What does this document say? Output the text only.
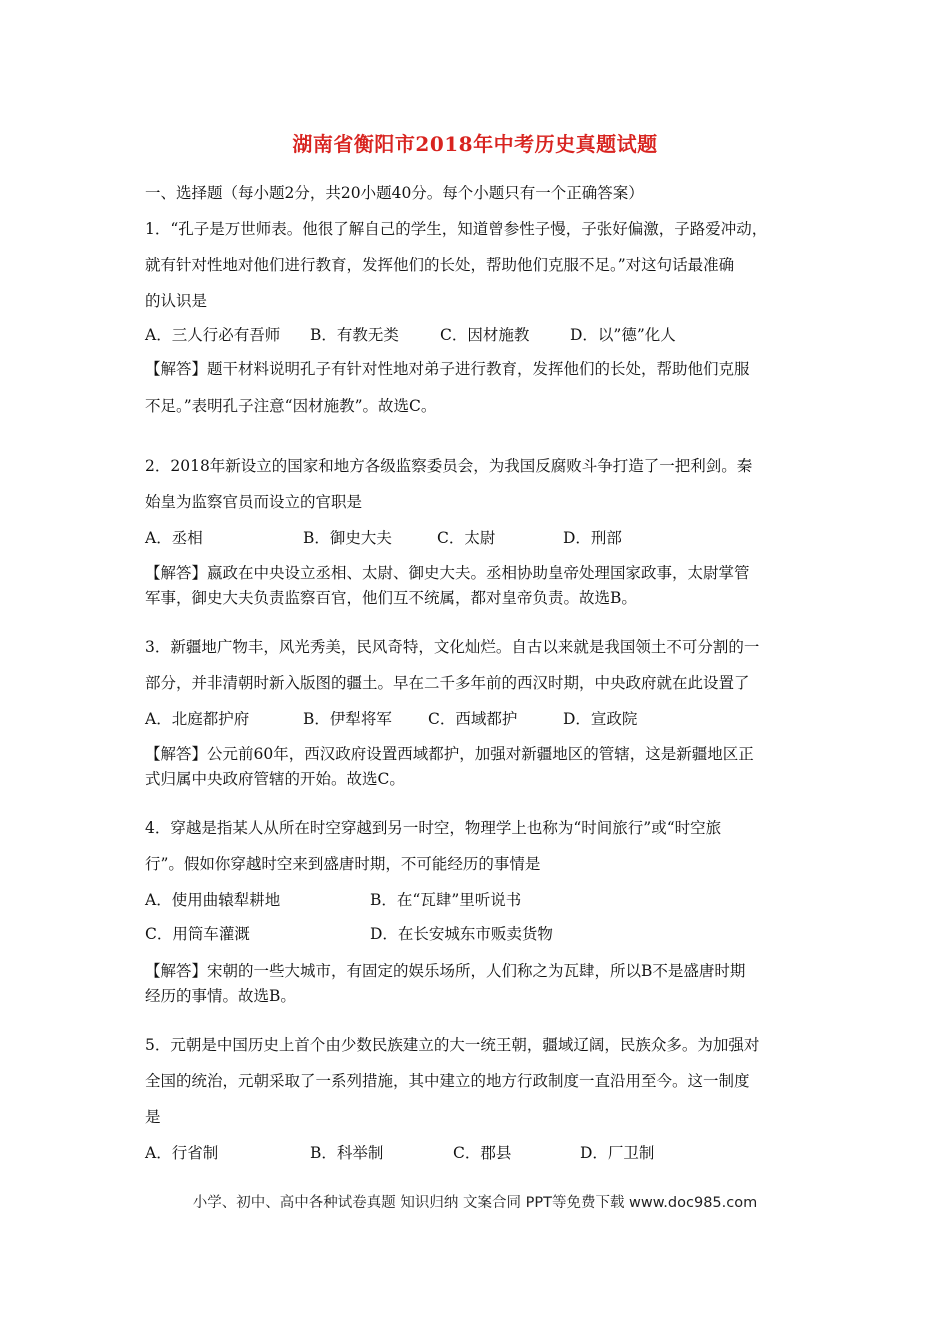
湖南省衡阳市2018年中考历史真题试题
一、选择题（每小题2分，共20小题40分。每个小题只有一个正确答案）
1．“孔子是万世师表。他很了解自己的学生，知道曾参性子慢，子张好偏激，子路爱冲动，
就有针对性地对他们进行教育，发挥他们的长处，帮助他们克服不足。”对这句话最准确
的认识是
A．三人行必有吾师 B．有教无类	C．因材施教	D．以”德”化人
【解答】题干材料说明孔子有针对性地对弟子进行教育，发挥他们的长处，帮助他们克服
不足。”表明孔子注意“因材施教”。故选C。
2．2018年新设立的国家和地方各级监察委员会，为我国反腐败斗争打造了一把利剑。秦
始皇为监察官员而设立的官职是
A．丞相	B．御史大夫	C．太尉	D．刑部
【解答】嬴政在中央设立丞相、太尉、御史大夫。丞相协助皇帝处理国家政事，太尉掌管
军事，御史大夫负责监察百官，他们互不统属，都对皇帝负责。故选B。
3．新疆地广物丰，风光秀美，民风奇特，文化灿烂。自古以来就是我国领土不可分割的一
部分，并非清朝时新入版图的疆土。早在二千多年前的西汉时期，中央政府就在此设置了
A．北庭都护府	B．伊犁将军 C．西域都护	D．宣政院
【解答】公元前60年，西汉政府设置西域都护，加强对新疆地区的管辖，这是新疆地区正
式归属中央政府管辖的开始。故选C。
4．穿越是指某人从所在时空穿越到另一时空，物理学上也称为“时间旅行”或“时空旅
行”。假如你穿越时空来到盛唐时期，不可能经历的事情是
A．使用曲辕犁耕地	B．在“瓦肆”里听说书
C．用筒车灌溉	D．在长安城东市贩卖货物
【解答】宋朝的一些大城市，有固定的娱乐场所，人们称之为瓦肆，所以B不是盛唐时期
经历的事情。故选B。
5．元朝是中国历史上首个由少数民族建立的大一统王朝，疆域辽阔，民族众多。为加强对
全国的统治，元朝采取了一系列措施，其中建立的地方行政制度一直沿用至今。这一制度
是
A．行省制	B．科举制	C．郡县	D．厂卫制
小学、初中、高中各种试卷真题 知识归纳 文案合同 PPT等免费下载 www.doc985.com
